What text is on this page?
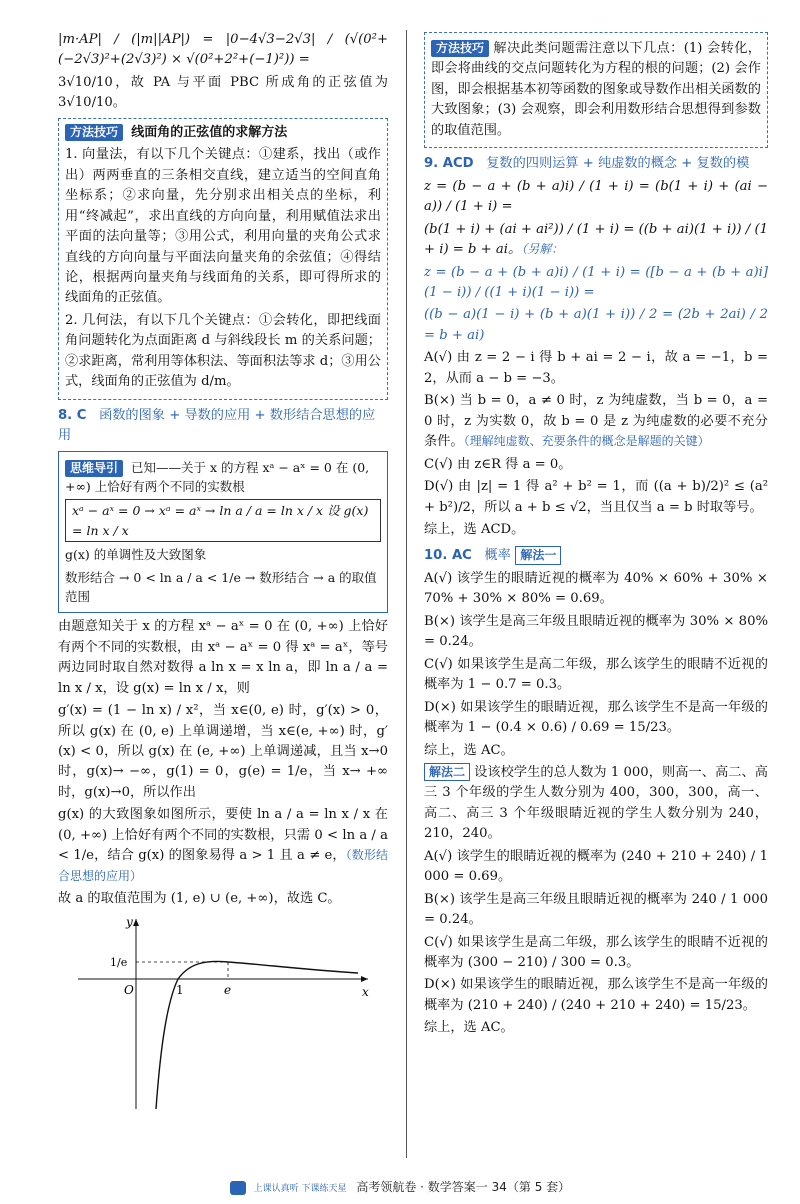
|m·AP| / (|m||AP|) = |0−4√3−2√3| / (√(0²+(−2√3)²+(2√3)²) × √(0²+2²+(−1)²)) =

3√10/10，故 PA 与平面 PBC 所成角的正弦值为 3√10/10。

方法技巧 线面角的正弦值的求解方法

1. 向量法，有以下几个关键点：①建系，找出（或作出）两两垂直的三条相交直线，建立适当的空间直角坐标系；②求向量，先分别求出相关点的坐标，利用“终减起”，求出直线的方向向量，利用赋值法求出平面的法向量等；③用公式，利用向量的夹角公式求直线的方向向量与平面法向量夹角的余弦值；④得结论，根据两向量夹角与线面角的关系，即可得所求的线面角的正弦值。

2. 几何法，有以下几个关键点：①会转化，即把线面角问题转化为点面距离 d 与斜线段长 m 的关系问题；②求距离，常利用等体积法、等面积法等求 d；③用公式，线面角的正弦值为 d/m。

8. C 函数的图象 + 导数的应用 + 数形结合思想的应用
思维导引 已知——关于 x 的方程 xᵃ − aˣ = 0 在 (0, +∞) 上恰好有两个不同的实数根
xᵃ − aˣ = 0 → xᵃ = aˣ → ln a / a = ln x / x 设 g(x) = ln x / x
g(x) 的单调性及大致图象
数形结合 → 0 < ln a / a < 1/e → 数形结合 → a 的取值范围

由题意知关于 x 的方程 xᵃ − aˣ = 0 在 (0, +∞) 上恰好有两个不同的实数根，由 xᵃ − aˣ = 0 得 xᵃ = aˣ，等号两边同时取自然对数得 a ln x = x ln a，即 ln a / a = ln x / x，设 g(x) = ln x / x，则

g′(x) = (1 − ln x) / x²，当 x∈(0, e) 时，g′(x) > 0，所以 g(x) 在 (0, e) 上单调递增，当 x∈(e, +∞) 时，g′(x) < 0，所以 g(x) 在 (e, +∞) 上单调递减，且当 x→0 时，g(x)→ −∞，g(1) = 0，g(e) = 1/e，当 x→ +∞ 时，g(x)→0，所以作出

g(x) 的大致图象如图所示，要使 ln a / a = ln x / x 在 (0, +∞) 上恰好有两个不同的实数根，只需 0 < ln a / a < 1/e，结合 g(x) 的图象易得 a > 1 且 a ≠ e，（数形结合思想的应用）

故 a 的取值范围为 (1, e) ∪ (e, +∞)，故选 C。

y
x
O	1	e
1/e

方法技巧 解决此类问题需注意以下几点：(1) 会转化，即会将曲线的交点问题转化为方程的根的问题；(2) 会作图，即会根据基本初等函数的图象或导数作出相关函数的大致图象；(3) 会观察，即会利用数形结合思想得到参数的取值范围。

9. ACD 复数的四则运算 + 纯虚数的概念 + 复数的模

z = (b − a + (b + a)i) / (1 + i) = (b(1 + i) + (ai − a)) / (1 + i) =

(b(1 + i) + (ai + ai²)) / (1 + i) = ((b + ai)(1 + i)) / (1 + i) = b + ai。（另解：

z = (b − a + (b + a)i) / (1 + i) = ([b − a + (b + a)i](1 − i)) / ((1 + i)(1 − i)) =

((b − a)(1 − i) + (b + a)(1 + i)) / 2 = (2b + 2ai) / 2 = b + ai)

A(√) 由 z = 2 − i 得 b + ai = 2 − i，故 a = −1，b = 2，从而 a − b = −3。

B(×) 当 b = 0，a ≠ 0 时，z 为纯虚数，当 b = 0，a = 0 时，z 为实数 0，故 b = 0 是 z 为纯虚数的必要不充分条件。（理解纯虚数、充要条件的概念是解题的关键）

C(√) 由 z∈R 得 a = 0。

D(√) 由 |z| = 1 得 a² + b² = 1，而 ((a + b)/2)² ≤ (a² + b²)/2，所以 a + b ≤ √2，当且仅当 a = b 时取等号。

综上，选 ACD。

10. AC 概率 解法一

A(√) 该学生的眼睛近视的概率为 40% × 60% + 30% × 70% + 30% × 80% = 0.69。

B(×) 该学生是高三年级且眼睛近视的概率为 30% × 80% = 0.24。

C(√) 如果该学生是高二年级，那么该学生的眼睛不近视的概率为 1 − 0.7 = 0.3。

D(×) 如果该学生的眼睛近视，那么该学生不是高一年级的概率为 1 − (0.4 × 0.6) / 0.69 = 15/23。

综上，选 AC。

解法二 设该校学生的总人数为 1 000，则高一、高二、高三 3 个年级的学生人数分别为 400，300，300，高一、高二、高三 3 个年级眼睛近视的学生人数分别为 240，210，240。

A(√) 该学生的眼睛近视的概率为 (240 + 210 + 240) / 1 000 = 0.69。

B(×) 该学生是高三年级且眼睛近视的概率为 240 / 1 000 = 0.24。

C(√) 如果该学生是高二年级，那么该学生的眼睛不近视的概率为 (300 − 210) / 300 = 0.3。

D(×) 如果该学生的眼睛近视，那么该学生不是高一年级的概率为 (210 + 240) / (240 + 210 + 240) = 15/23。

综上，选 AC。

上课认真听 下课练天星 高考领航卷 · 数学答案一 34（第 5 套）
